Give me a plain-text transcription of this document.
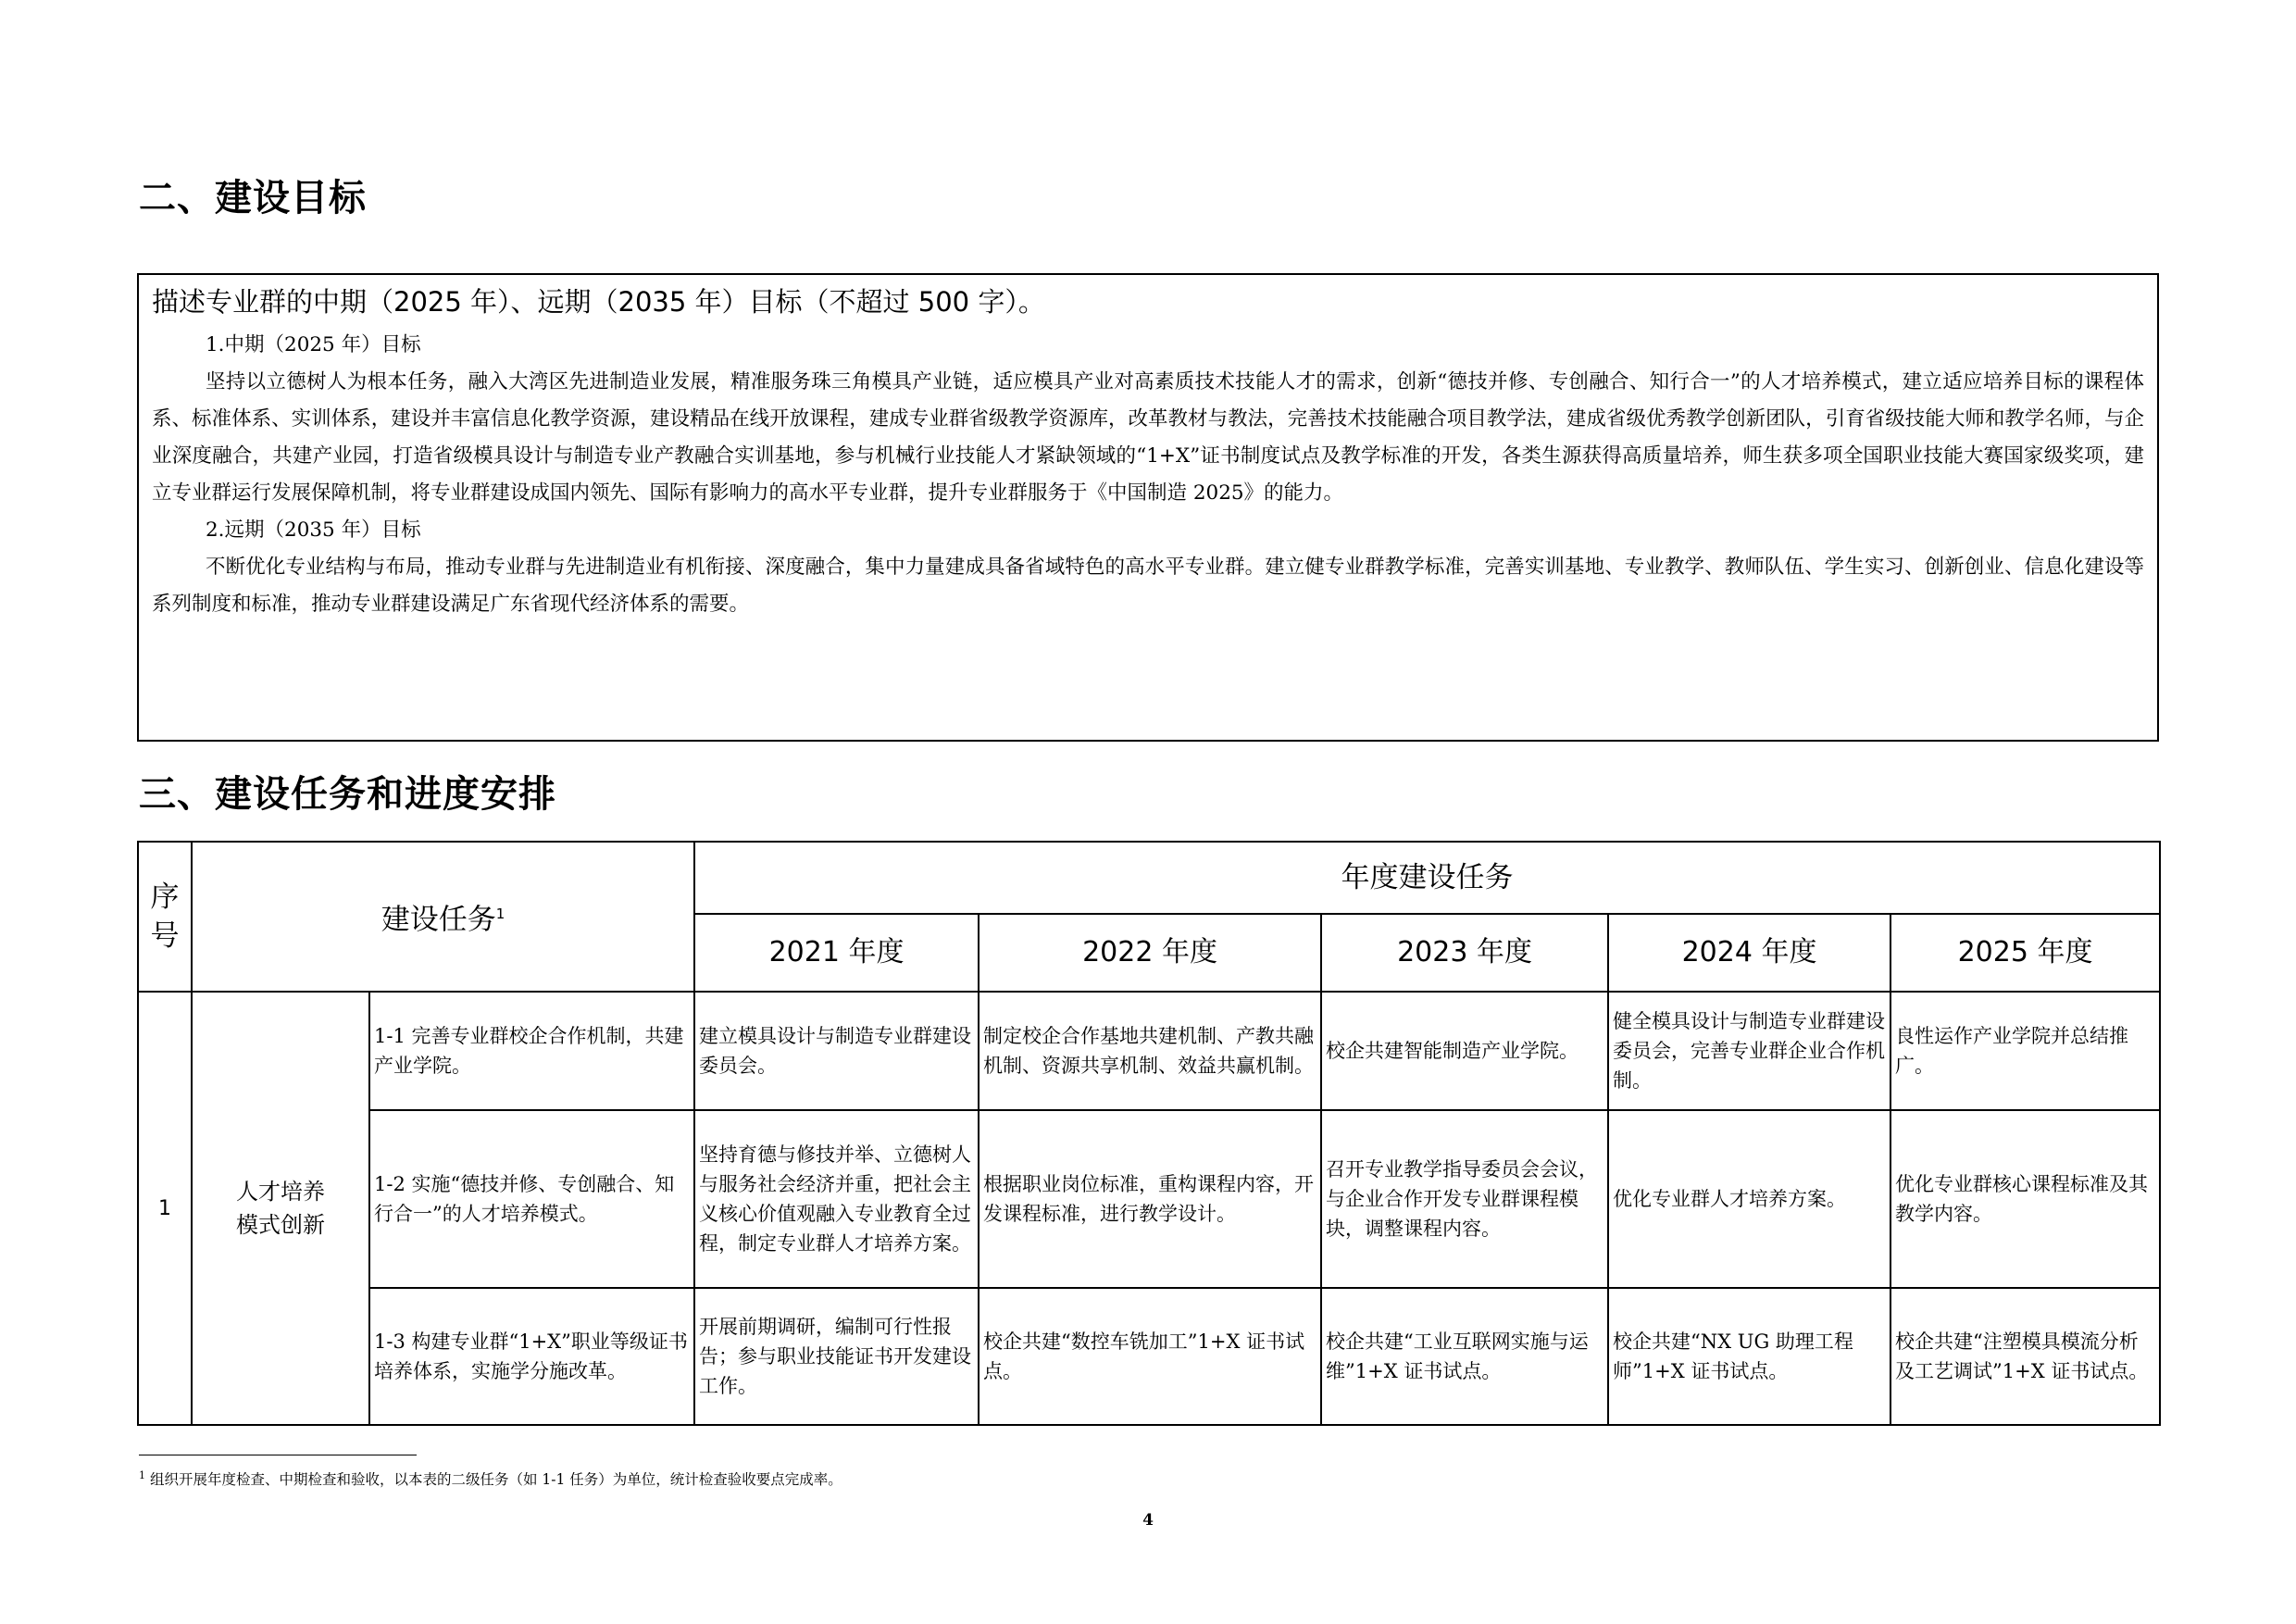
二、建设目标

描述专业群的中期（2025 年）、远期（2035 年）目标（不超过 500 字）。

1.中期（2025 年）目标

坚持以立德树人为根本任务，融入大湾区先进制造业发展，精准服务珠三角模具产业链，适应模具产业对高素质技术技能人才的需求，创新“德技并修、专创融合、知行合一”的人才培养模式，建立适应培养目标的课程体系、标准体系、实训体系，建设并丰富信息化教学资源，建设精品在线开放课程，建成专业群省级教学资源库，改革教材与教法，完善技术技能融合项目教学法，建成省级优秀教学创新团队，引育省级技能大师和教学名师，与企业深度融合，共建产业园，打造省级模具设计与制造专业产教融合实训基地，参与机械行业技能人才紧缺领域的“1+X”证书制度试点及教学标准的开发，各类生源获得高质量培养，师生获多项全国职业技能大赛国家级奖项，建立专业群运行发展保障机制，将专业群建设成国内领先、国际有影响力的高水平专业群，提升专业群服务于《中国制造 2025》的能力。

2.远期（2035 年）目标

不断优化专业结构与布局，推动专业群与先进制造业有机衔接、深度融合，集中力量建成具备省域特色的高水平专业群。建立健专业群教学标准，完善实训基地、专业教学、教师队伍、学生实习、创新创业、信息化建设等系列制度和标准，推动专业群建设满足广东省现代经济体系的需要。

三、建设任务和进度安排
序号	建设任务$^1$		年度建设任务				
			2021 年度	2022 年度	2023 年度	2024 年度	2025 年度
1	人才培养模式创新	1-1 完善专业群校企合作机制，共建产业学院。	建立模具设计与制造专业群建设委员会。	制定校企合作基地共建机制、产教共融机制、资源共享机制、效益共赢机制。	校企共建智能制造产业学院。	健全模具设计与制造专业群建设委员会，完善专业群企业合作机制。	良性运作产业学院并总结推广。
		1-2 实施“德技并修、专创融合、知行合一”的人才培养模式。	坚持育德与修技并举、立德树人与服务社会经济并重，把社会主义核心价值观融入专业教育全过程，制定专业群人才培养方案。	根据职业岗位标准，重构课程内容，开发课程标准，进行教学设计。	召开专业教学指导委员会会议，与企业合作开发专业群课程模块，调整课程内容。	优化专业群人才培养方案。	优化专业群核心课程标准及其教学内容。
		1-3 构建专业群“1+X”职业等级证书培养体系，实施学分施改革。	开展前期调研，编制可行性报告；参与职业技能证书开发建设工作。	校企共建“数控车铣加工”1+X 证书试点。	校企共建“工业互联网实施与运维”1+X 证书试点。	校企共建“NX UG 助理工程师”1+X 证书试点。	校企共建“注塑模具模流分析及工艺调试”1+X 证书试点。
$^1$ 组织开展年度检查、中期检查和验收，以本表的二级任务（如 1-1 任务）为单位，统计检查验收要点完成率。
4
